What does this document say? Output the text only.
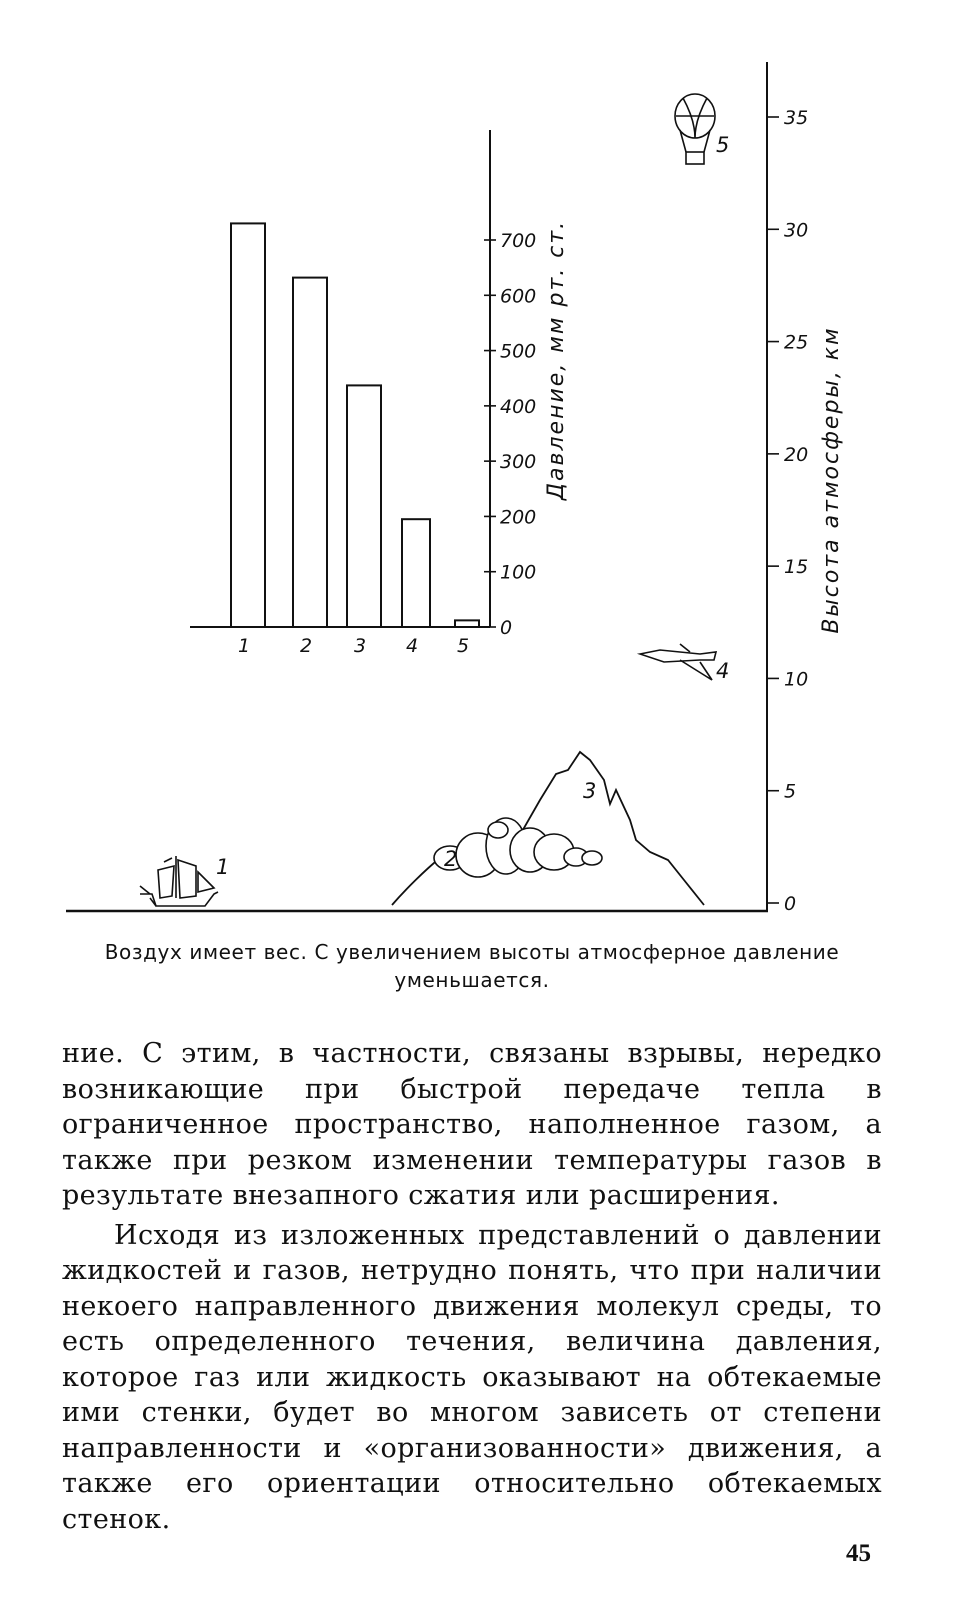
1	2 3 4 5
0
100
200
300
400
500
600
700 Давление, мм рт. ст.
0
5
10
15
20
25
30
35
Высота атмосферы, км
1
3
2
4
5
Воздух имеет вес. С увеличением высоты атмосферное давление уменьшается.

ние. С этим, в частности, связаны взрывы, нередко возникающие при быстрой передаче тепла в ограниченное пространство, наполненное газом, а также при резком изменении температуры газов в результате внезапного сжатия или расширения.

Исходя из изложенных представлений о давлении жидкостей и газов, нетрудно понять, что при наличии некоего направленного движения молекул среды, то есть определенного течения, величина давления, которое газ или жидкость оказывают на обтекаемые ими стенки, будет во многом зависеть от степени направленности и «организованности» движения, а также его ориентации относительно обтекаемых стенок.

45
